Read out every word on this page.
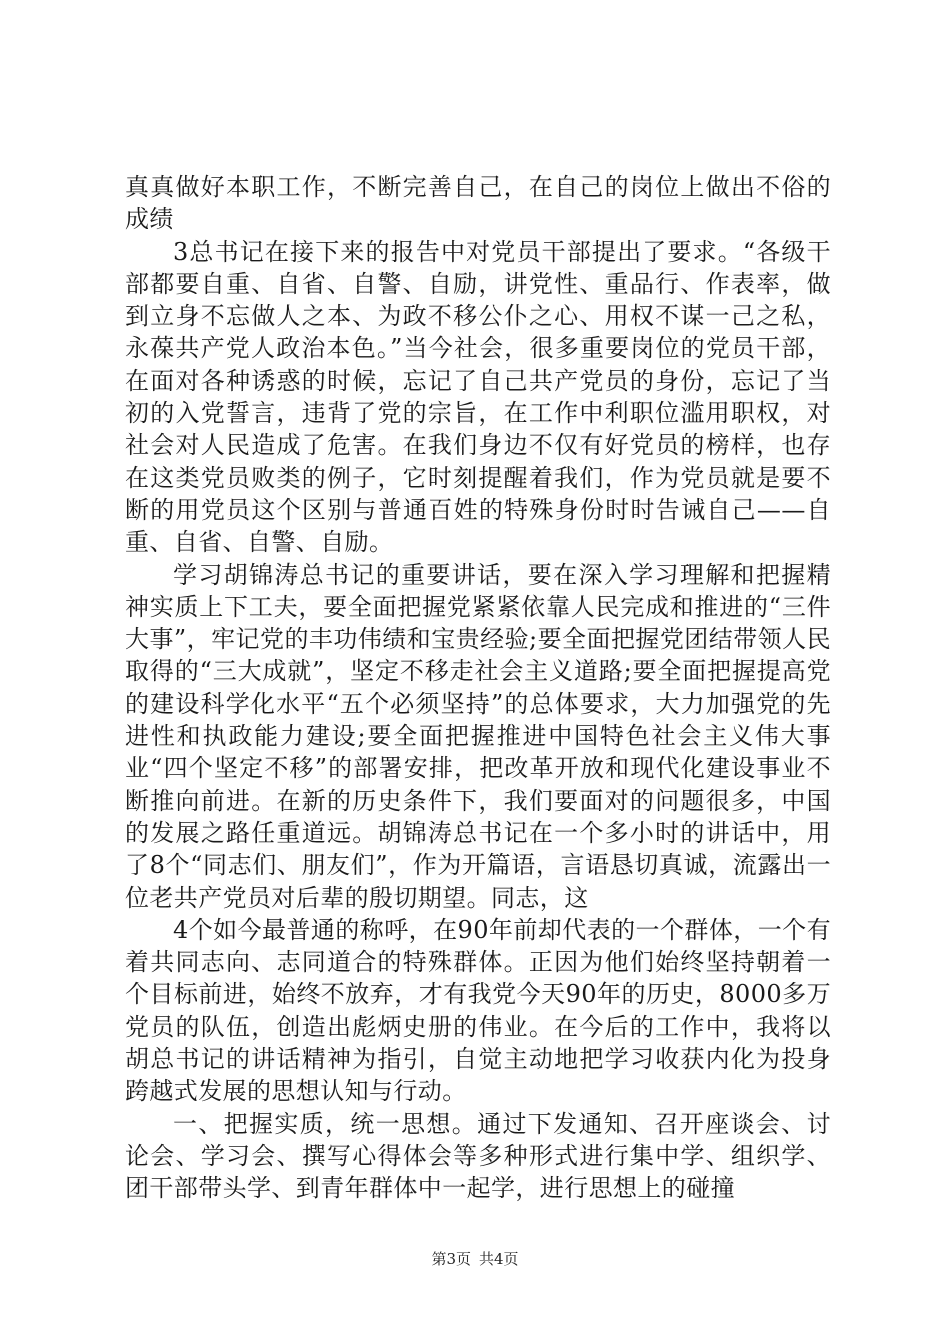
真真做好本职工作，不断完善自己，在自己的岗位上做出不俗的成绩

3总书记在接下来的报告中对党员干部提出了要求。“各级干部都要自重、自省、自警、自励，讲党性、重品行、作表率，做到立身不忘做人之本、为政不移公仆之心、用权不谋一己之私，永葆共产党人政治本色。”当今社会，很多重要岗位的党员干部，在面对各种诱惑的时候，忘记了自己共产党员的身份，忘记了当初的入党誓言，违背了党的宗旨，在工作中利职位滥用职权，对社会对人民造成了危害。在我们身边不仅有好党员的榜样，也存在这类党员败类的例子，它时刻提醒着我们，作为党员就是要不断的用党员这个区别与普通百姓的特殊身份时时告诫自己——自重、自省、自警、自励。

学习胡锦涛总书记的重要讲话，要在深入学习理解和把握精神实质上下工夫，要全面把握党紧紧依靠人民完成和推进的“三件大事”，牢记党的丰功伟绩和宝贵经验;要全面把握党团结带领人民取得的“三大成就”，坚定不移走社会主义道路;要全面把握提高党的建设科学化水平“五个必须坚持”的总体要求，大力加强党的先进性和执政能力建设;要全面把握推进中国特色社会主义伟大事业“四个坚定不移”的部署安排，把改革开放和现代化建设事业不断推向前进。在新的历史条件下，我们要面对的问题很多，中国的发展之路任重道远。胡锦涛总书记在一个多小时的讲话中，用了8个“同志们、朋友们”，作为开篇语，言语恳切真诚，流露出一位老共产党员对后辈的殷切期望。同志，这

4个如今最普通的称呼，在90年前却代表的一个群体，一个有着共同志向、志同道合的特殊群体。正因为他们始终坚持朝着一个目标前进，始终不放弃，才有我党今天90年的历史，8000多万党员的队伍，创造出彪炳史册的伟业。在今后的工作中，我将以胡总书记的讲话精神为指引，自觉主动地把学习收获内化为投身跨越式发展的思想认知与行动。

一、把握实质，统一思想。通过下发通知、召开座谈会、讨论会、学习会、撰写心得体会等多种形式进行集中学、组织学、团干部带头学、到青年群体中一起学，进行思想上的碰撞

第3页 共4页
